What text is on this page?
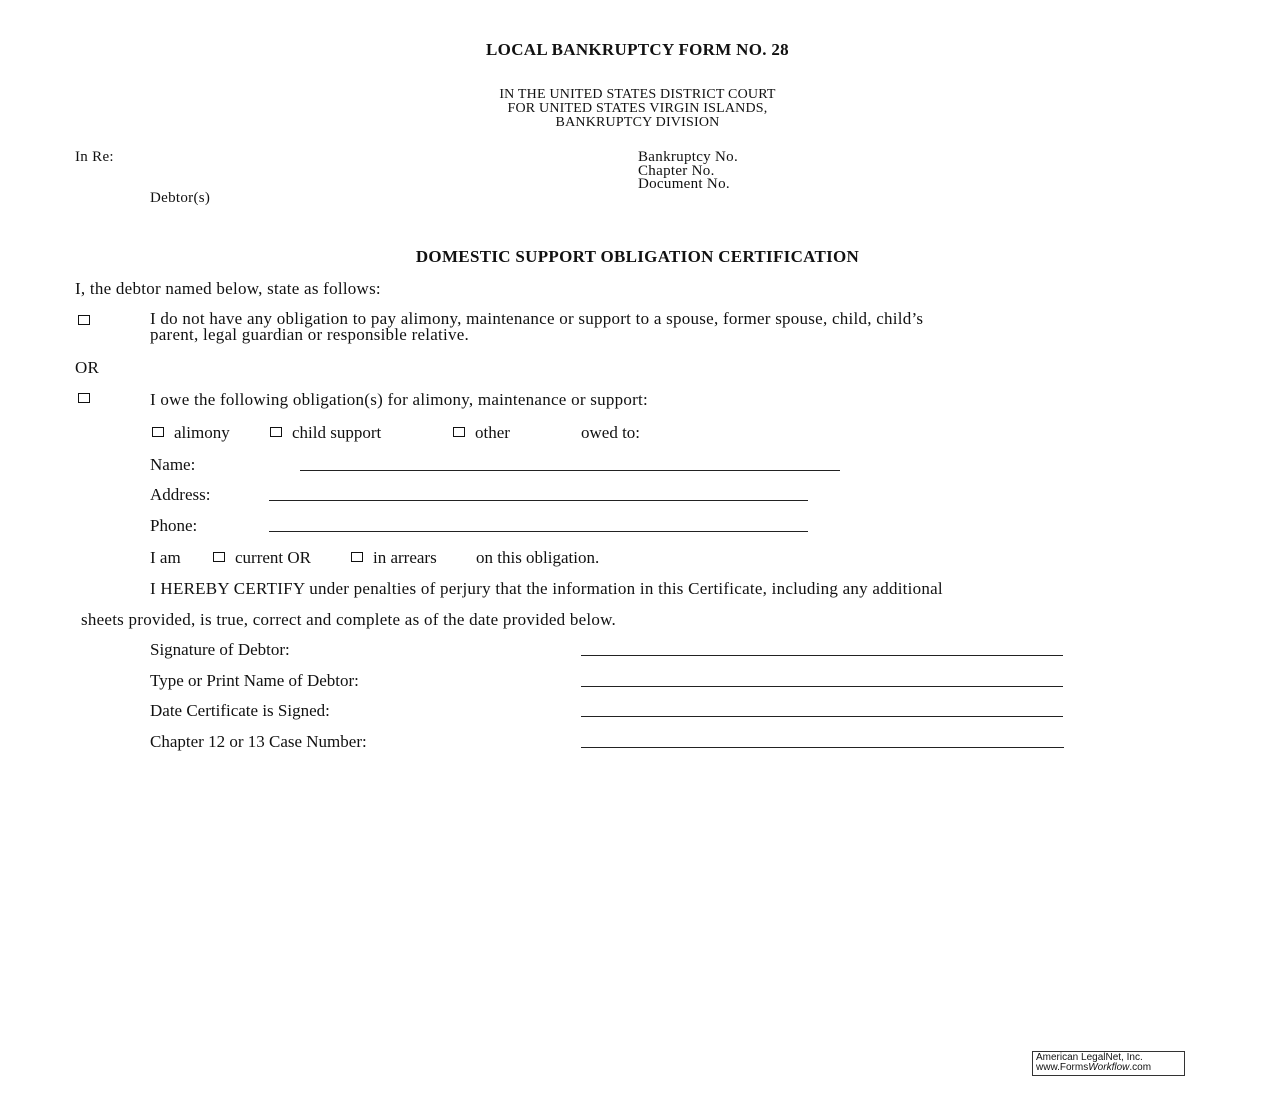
LOCAL BANKRUPTCY FORM NO. 28
IN THE UNITED STATES DISTRICT COURT
FOR UNITED STATES VIRGIN ISLANDS,
BANKRUPTCY DIVISION
In Re:
Debtor(s)
Bankruptcy No.
Chapter No.
Document No.
DOMESTIC SUPPORT OBLIGATION CERTIFICATION
I, the debtor named below, state as follows:
I do not have any obligation to pay alimony, maintenance or support to a spouse, former spouse, child, child’s
parent, legal guardian or responsible relative.
OR
I owe the following obligation(s) for alimony, maintenance or support:
alimony	child support	other	owed to:
Name:
Address:
Phone:
I am	current OR	in arrears on this obligation.
I HEREBY CERTIFY under penalties of perjury that the information in this Certificate, including any additional
sheets provided, is true, correct and complete as of the date provided below.
Signature of Debtor:
Type or Print Name of Debtor:
Date Certificate is Signed:
Chapter 12 or 13 Case Number:
American LegalNet, Inc.
www.FormsWorkflow.com
